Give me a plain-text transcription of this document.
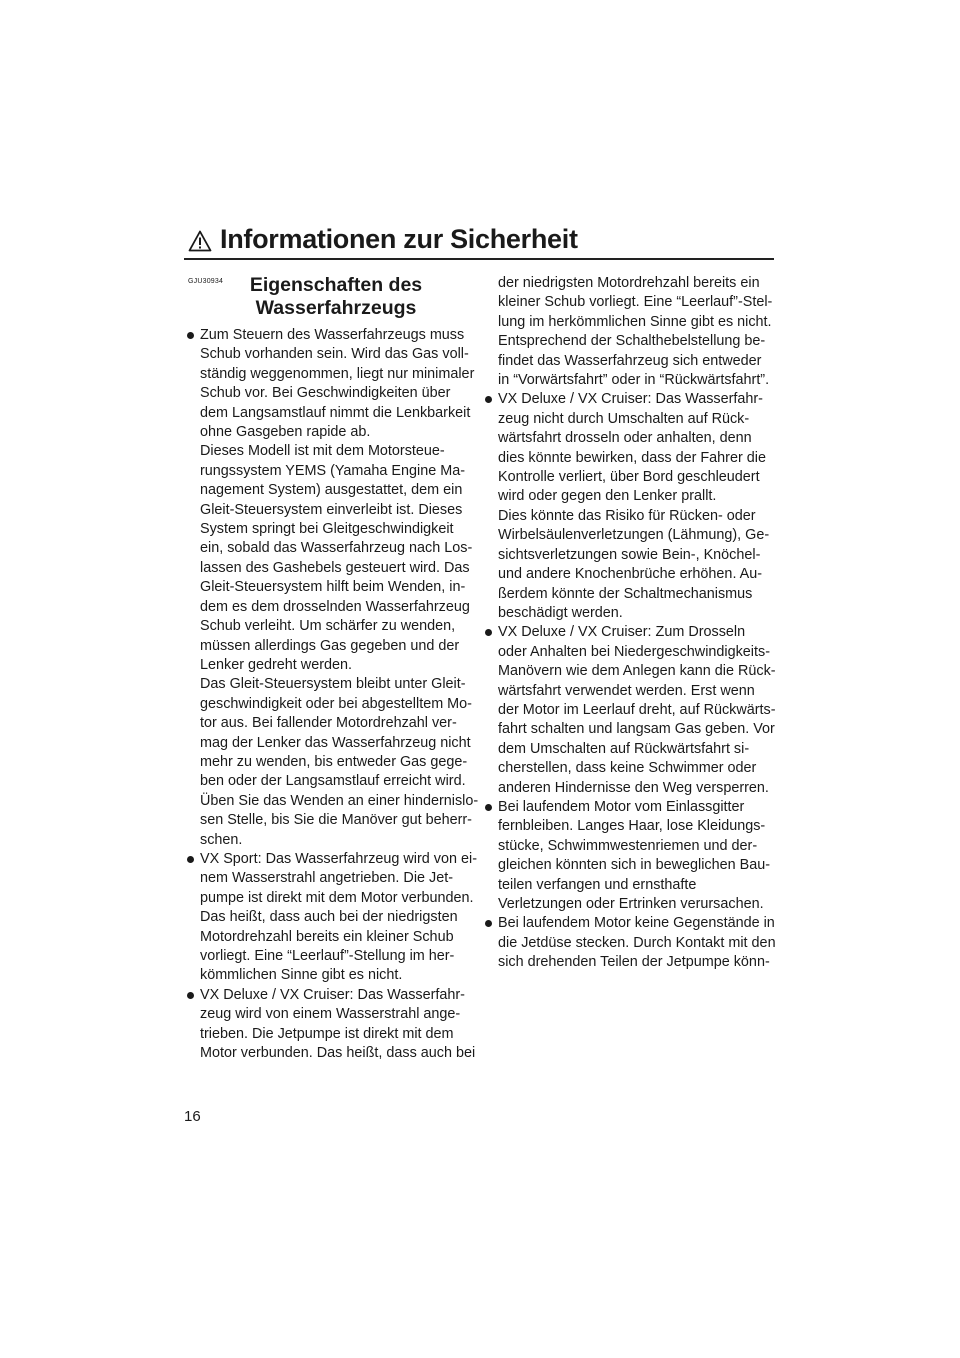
Informationen zur Sicherheit
GJU30934	Eigenschaften des
Wasserfahrzeugs
Zum Steuern des Wasserfahrzeugs muss
Schub vorhanden sein. Wird das Gas voll-
ständig weggenommen, liegt nur minimaler
Schub vor. Bei Geschwindigkeiten über
dem Langsamstlauf nimmt die Lenkbarkeit
ohne Gasgeben rapide ab.
Dieses Modell ist mit dem Motorsteue-
rungssystem YEMS (Yamaha Engine Ma-
nagement System) ausgestattet, dem ein
Gleit-Steuersystem einverleibt ist. Dieses
System springt bei Gleitgeschwindigkeit
ein, sobald das Wasserfahrzeug nach Los-
lassen des Gashebels gesteuert wird. Das
Gleit-Steuersystem hilft beim Wenden, in-
dem es dem drosselnden Wasserfahrzeug
Schub verleiht. Um schärfer zu wenden,
müssen allerdings Gas gegeben und der
Lenker gedreht werden.
Das Gleit-Steuersystem bleibt unter Gleit-
geschwindigkeit oder bei abgestelltem Mo-
tor aus. Bei fallender Motordrehzahl ver-
mag der Lenker das Wasserfahrzeug nicht
mehr zu wenden, bis entweder Gas gege-
ben oder der Langsamstlauf erreicht wird.
Üben Sie das Wenden an einer hindernislo-
sen Stelle, bis Sie die Manöver gut beherr-
schen.
VX Sport: Das Wasserfahrzeug wird von ei-
nem Wasserstrahl angetrieben. Die Jet-
pumpe ist direkt mit dem Motor verbunden.
Das heißt, dass auch bei der niedrigsten
Motordrehzahl bereits ein kleiner Schub
vorliegt. Eine “Leerlauf”-Stellung im her-
kömmlichen Sinne gibt es nicht.
VX Deluxe / VX Cruiser: Das Wasserfahr-
zeug wird von einem Wasserstrahl ange-
trieben. Die Jetpumpe ist direkt mit dem
Motor verbunden. Das heißt, dass auch bei
der niedrigsten Motordrehzahl bereits ein
kleiner Schub vorliegt. Eine “Leerlauf”-Stel-
lung im herkömmlichen Sinne gibt es nicht.
Entsprechend der Schalthebelstellung be-
findet das Wasserfahrzeug sich entweder
in “Vorwärtsfahrt” oder in “Rückwärtsfahrt”.
VX Deluxe / VX Cruiser: Das Wasserfahr-
zeug nicht durch Umschalten auf Rück-
wärtsfahrt drosseln oder anhalten, denn
dies könnte bewirken, dass der Fahrer die
Kontrolle verliert, über Bord geschleudert
wird oder gegen den Lenker prallt.
Dies könnte das Risiko für Rücken- oder
Wirbelsäulenverletzungen (Lähmung), Ge-
sichtsverletzungen sowie Bein-, Knöchel-
und andere Knochenbrüche erhöhen. Au-
ßerdem könnte der Schaltmechanismus
beschädigt werden.
VX Deluxe / VX Cruiser: Zum Drosseln
oder Anhalten bei Niedergeschwindigkeits-
Manövern wie dem Anlegen kann die Rück-
wärtsfahrt verwendet werden. Erst wenn
der Motor im Leerlauf dreht, auf Rückwärts-
fahrt schalten und langsam Gas geben. Vor
dem Umschalten auf Rückwärtsfahrt si-
cherstellen, dass keine Schwimmer oder
anderen Hindernisse den Weg versperren.
Bei laufendem Motor vom Einlassgitter
fernbleiben. Langes Haar, lose Kleidungs-
stücke, Schwimmwestenriemen und der-
gleichen könnten sich in beweglichen Bau-
teilen verfangen und ernsthafte
Verletzungen oder Ertrinken verursachen.
Bei laufendem Motor keine Gegenstände in
die Jetdüse stecken. Durch Kontakt mit den
sich drehenden Teilen der Jetpumpe könn-
16
